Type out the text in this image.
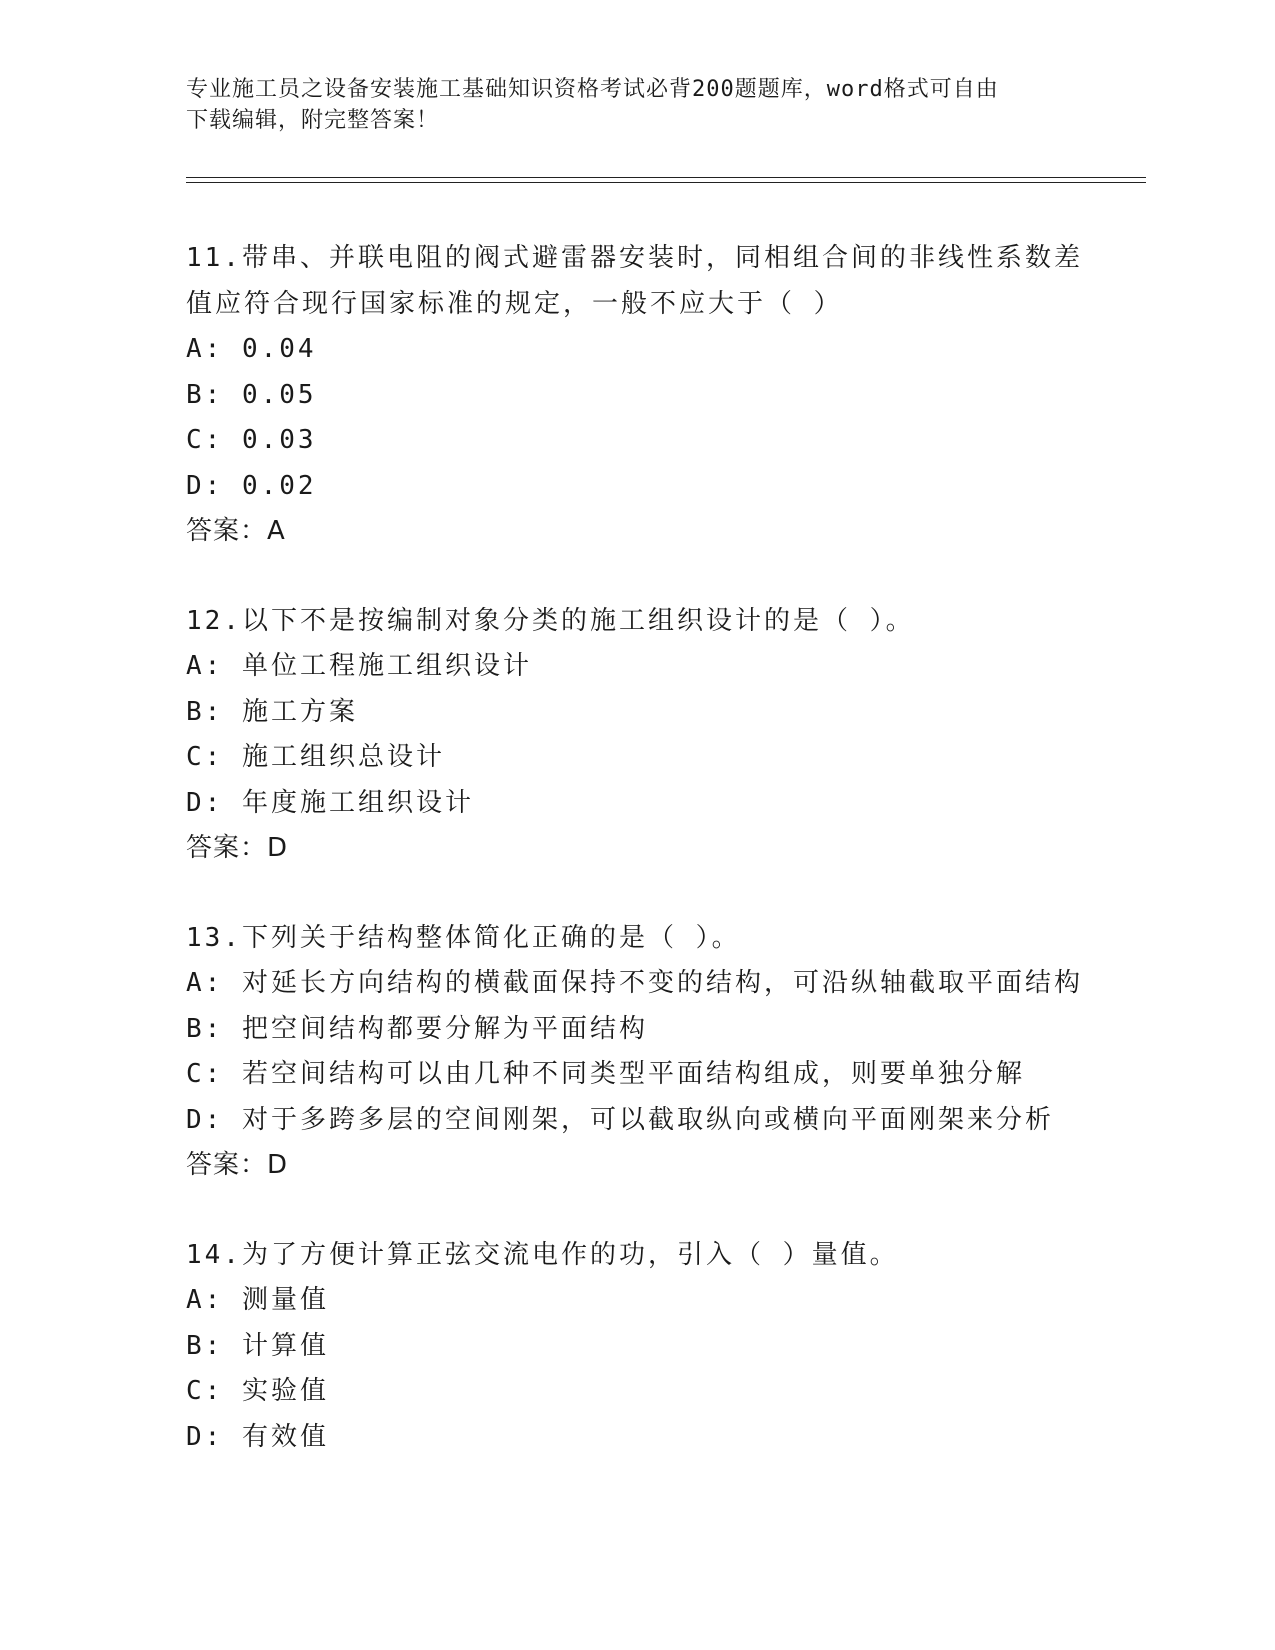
专业施工员之设备安装施工基础知识资格考试必背200题题库，word格式可自由
下载编辑，附完整答案！
11.带串、并联电阻的阀式避雷器安装时，同相组合间的非线性系数差
值应符合现行国家标准的规定，一般不应大于（ ）
A: 0.04
B: 0.05
C: 0.03
D: 0.02
答案：A
12.以下不是按编制对象分类的施工组织设计的是（ ）。
A: 单位工程施工组织设计
B: 施工方案
C: 施工组织总设计
D: 年度施工组织设计
答案：D
13.下列关于结构整体简化正确的是（ ）。
A: 对延长方向结构的横截面保持不变的结构，可沿纵轴截取平面结构
B: 把空间结构都要分解为平面结构
C: 若空间结构可以由几种不同类型平面结构组成，则要单独分解
D: 对于多跨多层的空间刚架，可以截取纵向或横向平面刚架来分析
答案：D
14.为了方便计算正弦交流电作的功，引入（ ）量值。
A: 测量值
B: 计算值
C: 实验值
D: 有效值
